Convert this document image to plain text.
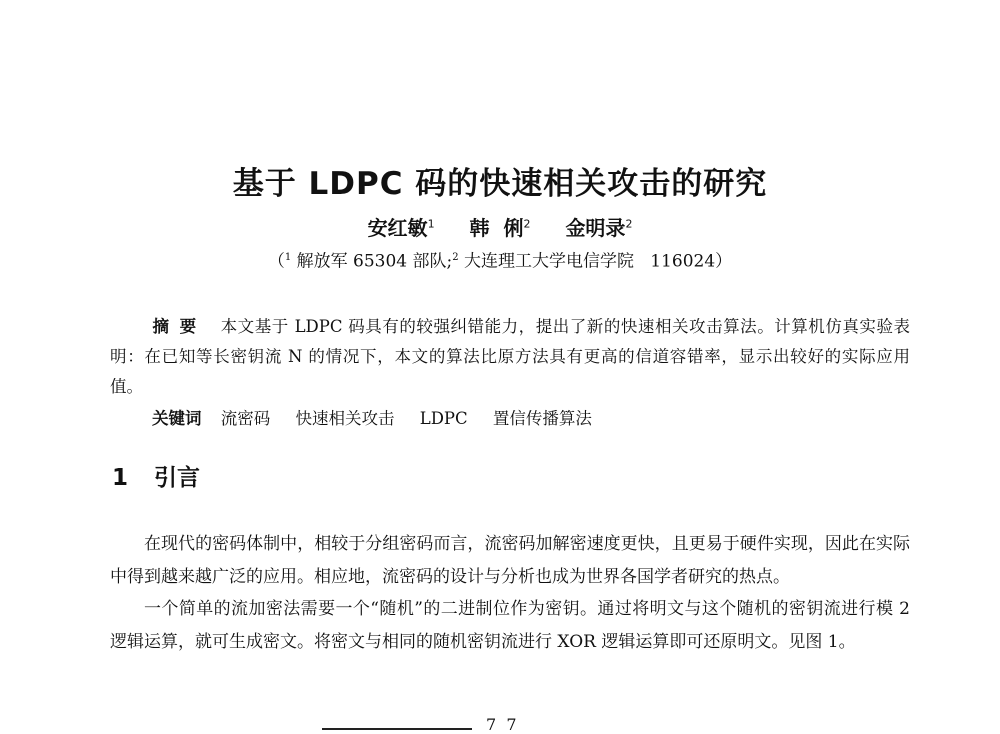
基于 LDPC 码的快速相关攻击的研究
安红敏$^1$ 韩  俐$^2$ 金明录$^2$
（$^1$ 解放军 65304 部队;$^2$ 大连理工大学电信学院   116024）
摘要 本文基于 LDPC 码具有的较强纠错能力，提出了新的快速相关攻击算法。计算机仿真实验表明：在已知等长密钥流 N 的情况下，本文的算法比原方法具有更高的信道容错率，显示出较好的实际应用值。
关键词 流密码 快速相关攻击 LDPC 置信传播算法
1 引言

在现代的密码体制中，相较于分组密码而言，流密码加解密速度更快，且更易于硬件实现，因此在实际中得到越来越广泛的应用。相应地，流密码的设计与分析也成为世界各国学者研究的热点。

一个简单的流加密法需要一个“随机”的二进制位作为密钥。通过将明文与这个随机的密钥流进行模 2 逻辑运算，就可生成密文。将密文与相同的随机密钥流进行 XOR 逻辑运算即可还原明文。见图 1。

7  7
